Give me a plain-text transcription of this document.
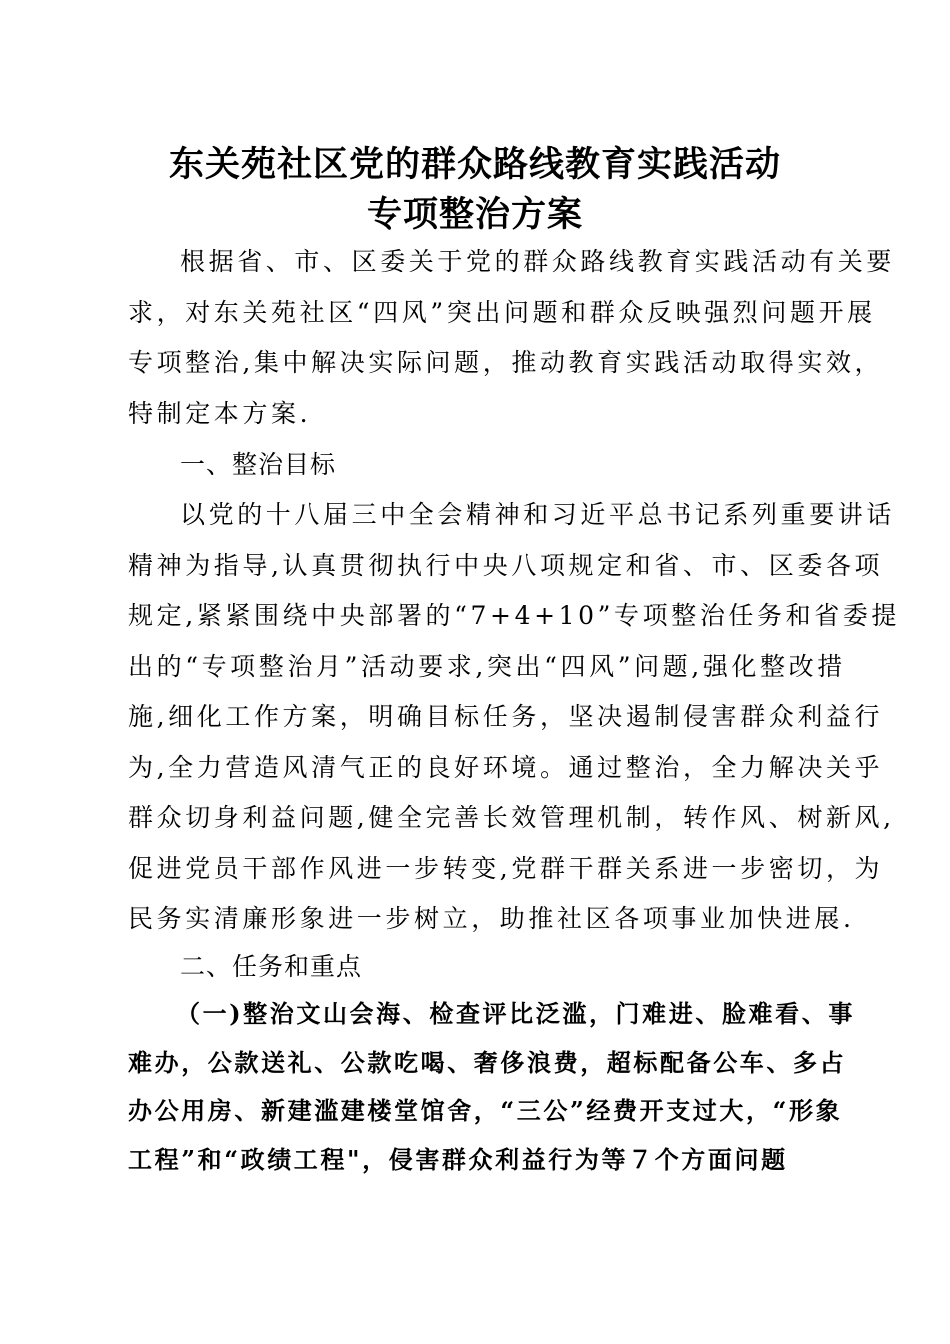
东关苑社区党的群众路线教育实践活动
专项整治方案
根据省、市、区委关于党的群众路线教育实践活动有关要
求，对东关苑社区“四风”突出问题和群众反映强烈问题开展
专项整治,集中解决实际问题，推动教育实践活动取得实效，
特制定本方案.
一、整治目标
以党的十八届三中全会精神和习近平总书记系列重要讲话
精神为指导,认真贯彻执行中央八项规定和省、市、区委各项
规定,紧紧围绕中央部署的“7+4+10”专项整治任务和省委提
出的“专项整治月”活动要求,突出“四风”问题,强化整改措
施,细化工作方案，明确目标任务，坚决遏制侵害群众利益行
为,全力营造风清气正的良好环境。通过整治，全力解决关乎
群众切身利益问题,健全完善长效管理机制，转作风、树新风,
促进党员干部作风进一步转变,党群干群关系进一步密切，为
民务实清廉形象进一步树立，助推社区各项事业加快进展.
二、任务和重点
（一)整治文山会海、检查评比泛滥，门难进、脸难看、事
难办，公款送礼、公款吃喝、奢侈浪费，超标配备公车、多占
办公用房、新建滥建楼堂馆舍，“三公”经费开支过大，“形象
工程”和“政绩工程"，侵害群众利益行为等７个方面问题
